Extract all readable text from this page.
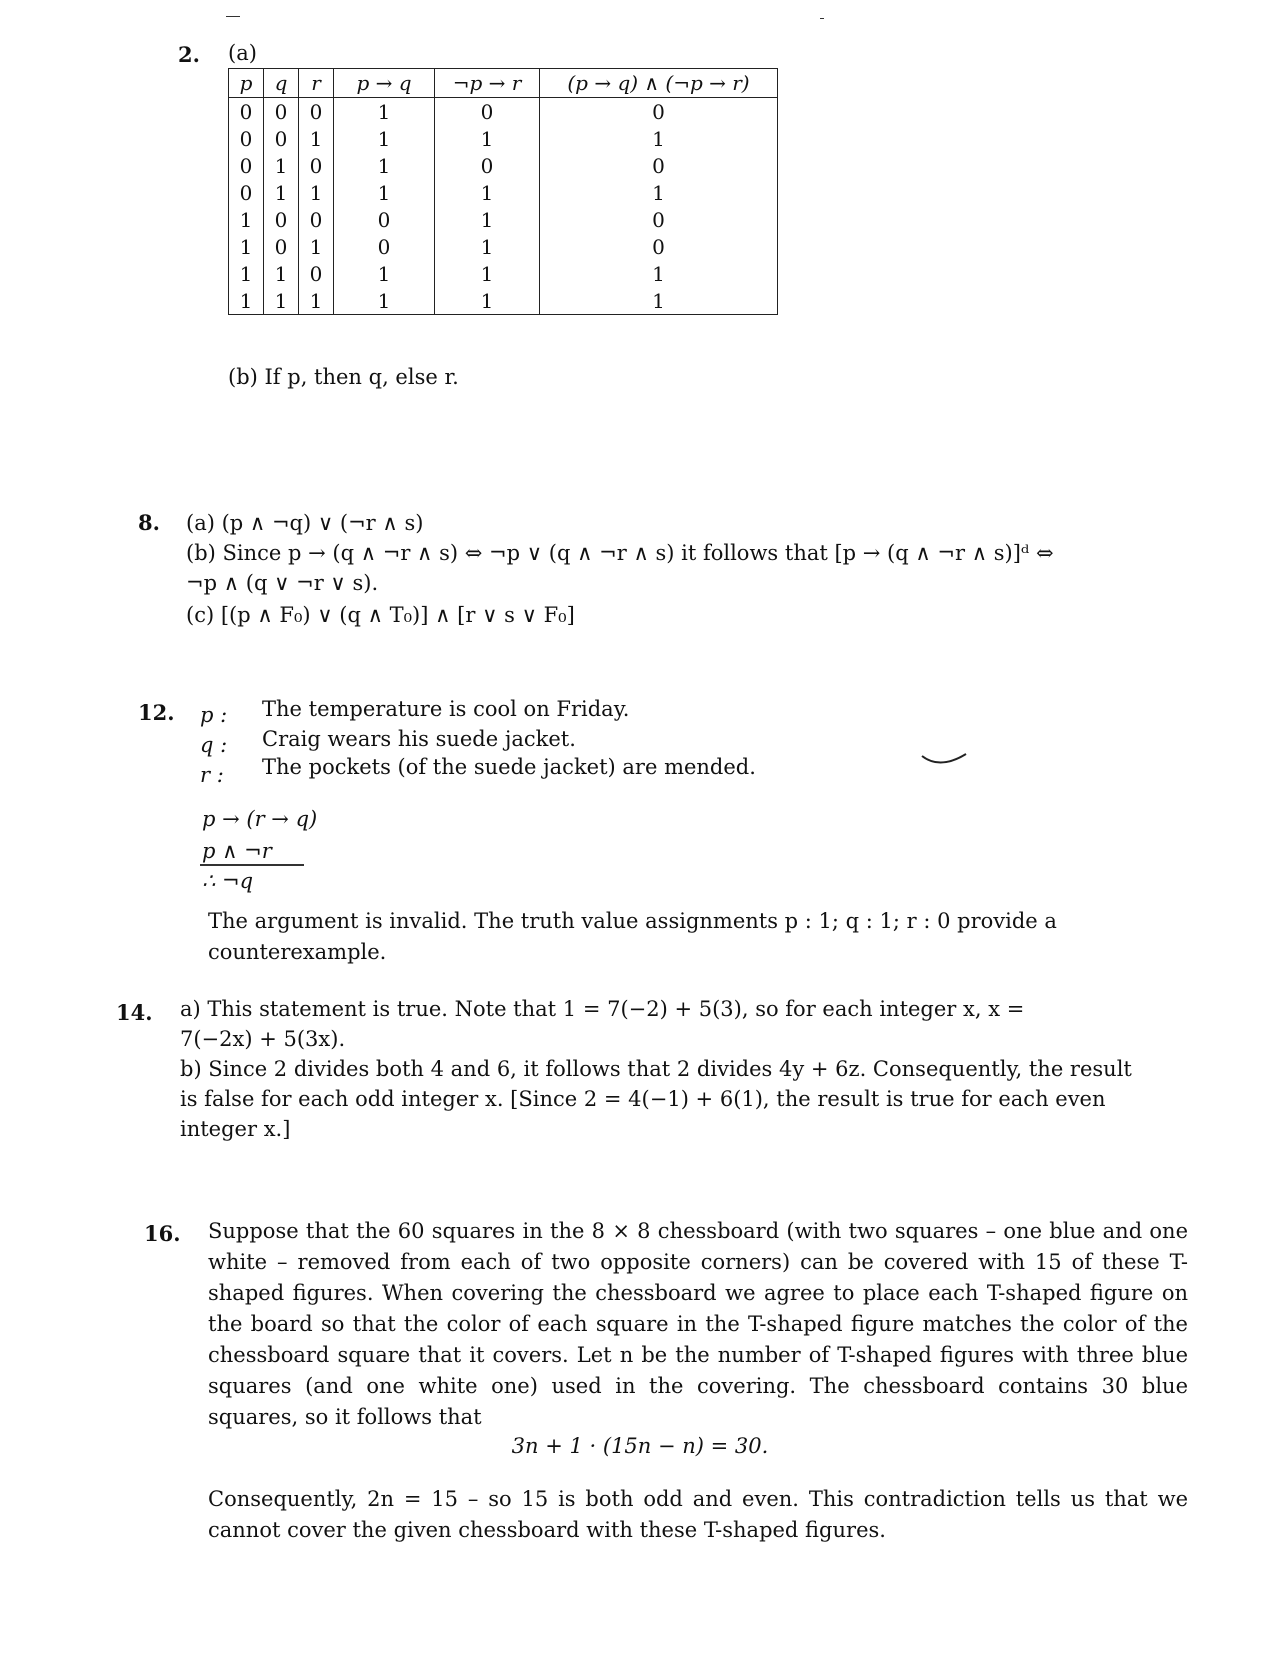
2. (a)
p	q	r	p → q	¬p → r	(p → q) ∧ (¬p → r)
0	0	0	1	0	0
0	0	1	1	1	1
0	1	0	1	0	0
0	1	1	1	1	1
1	0	0	0	1	0
1	0	1	0	1	0
1	1	0	1	1	1
1	1	1	1	1	1
(b) If p, then q, else r.
8. (a) (p ∧ ¬q) ∨ (¬r ∧ s)
(b) Since p → (q ∧ ¬r ∧ s) ⇔ ¬p ∨ (q ∧ ¬r ∧ s) it follows that [p → (q ∧ ¬r ∧ s)]ᵈ ⇔
¬p ∧ (q ∨ ¬r ∨ s).
(c) [(p ∧ F₀) ∨ (q ∧ T₀)] ∧ [r ∨ s ∨ F₀]
12. p : The temperature is cool on Friday.
q : Craig wears his suede jacket.
r : The pockets (of the suede jacket) are mended.
p → (r → q)
p ∧ ¬r
∴ ¬q
The argument is invalid. The truth value assignments p : 1; q : 1; r : 0 provide a
counterexample.
14. a) This statement is true. Note that 1 = 7(−2) + 5(3), so for each integer x, x =
7(−2x) + 5(3x).
b) Since 2 divides both 4 and 6, it follows that 2 divides 4y + 6z. Consequently, the result
is false for each odd integer x. [Since 2 = 4(−1) + 6(1), the result is true for each even
integer x.]
16. Suppose that the 60 squares in the 8 × 8 chessboard (with two squares – one blue and one white – removed from each of two opposite corners) can be covered with 15 of these T-shaped figures. When covering the chessboard we agree to place each T-shaped figure on the board so that the color of each square in the T-shaped figure matches the color of the chessboard square that it covers. Let n be the number of T-shaped figures with three blue squares (and one white one) used in the covering. The chessboard contains 30 blue squares, so it follows that
3n + 1 · (15n − n) = 30.
Consequently, 2n = 15 – so 15 is both odd and even. This contradiction tells us that we cannot cover the given chessboard with these T-shaped figures.
